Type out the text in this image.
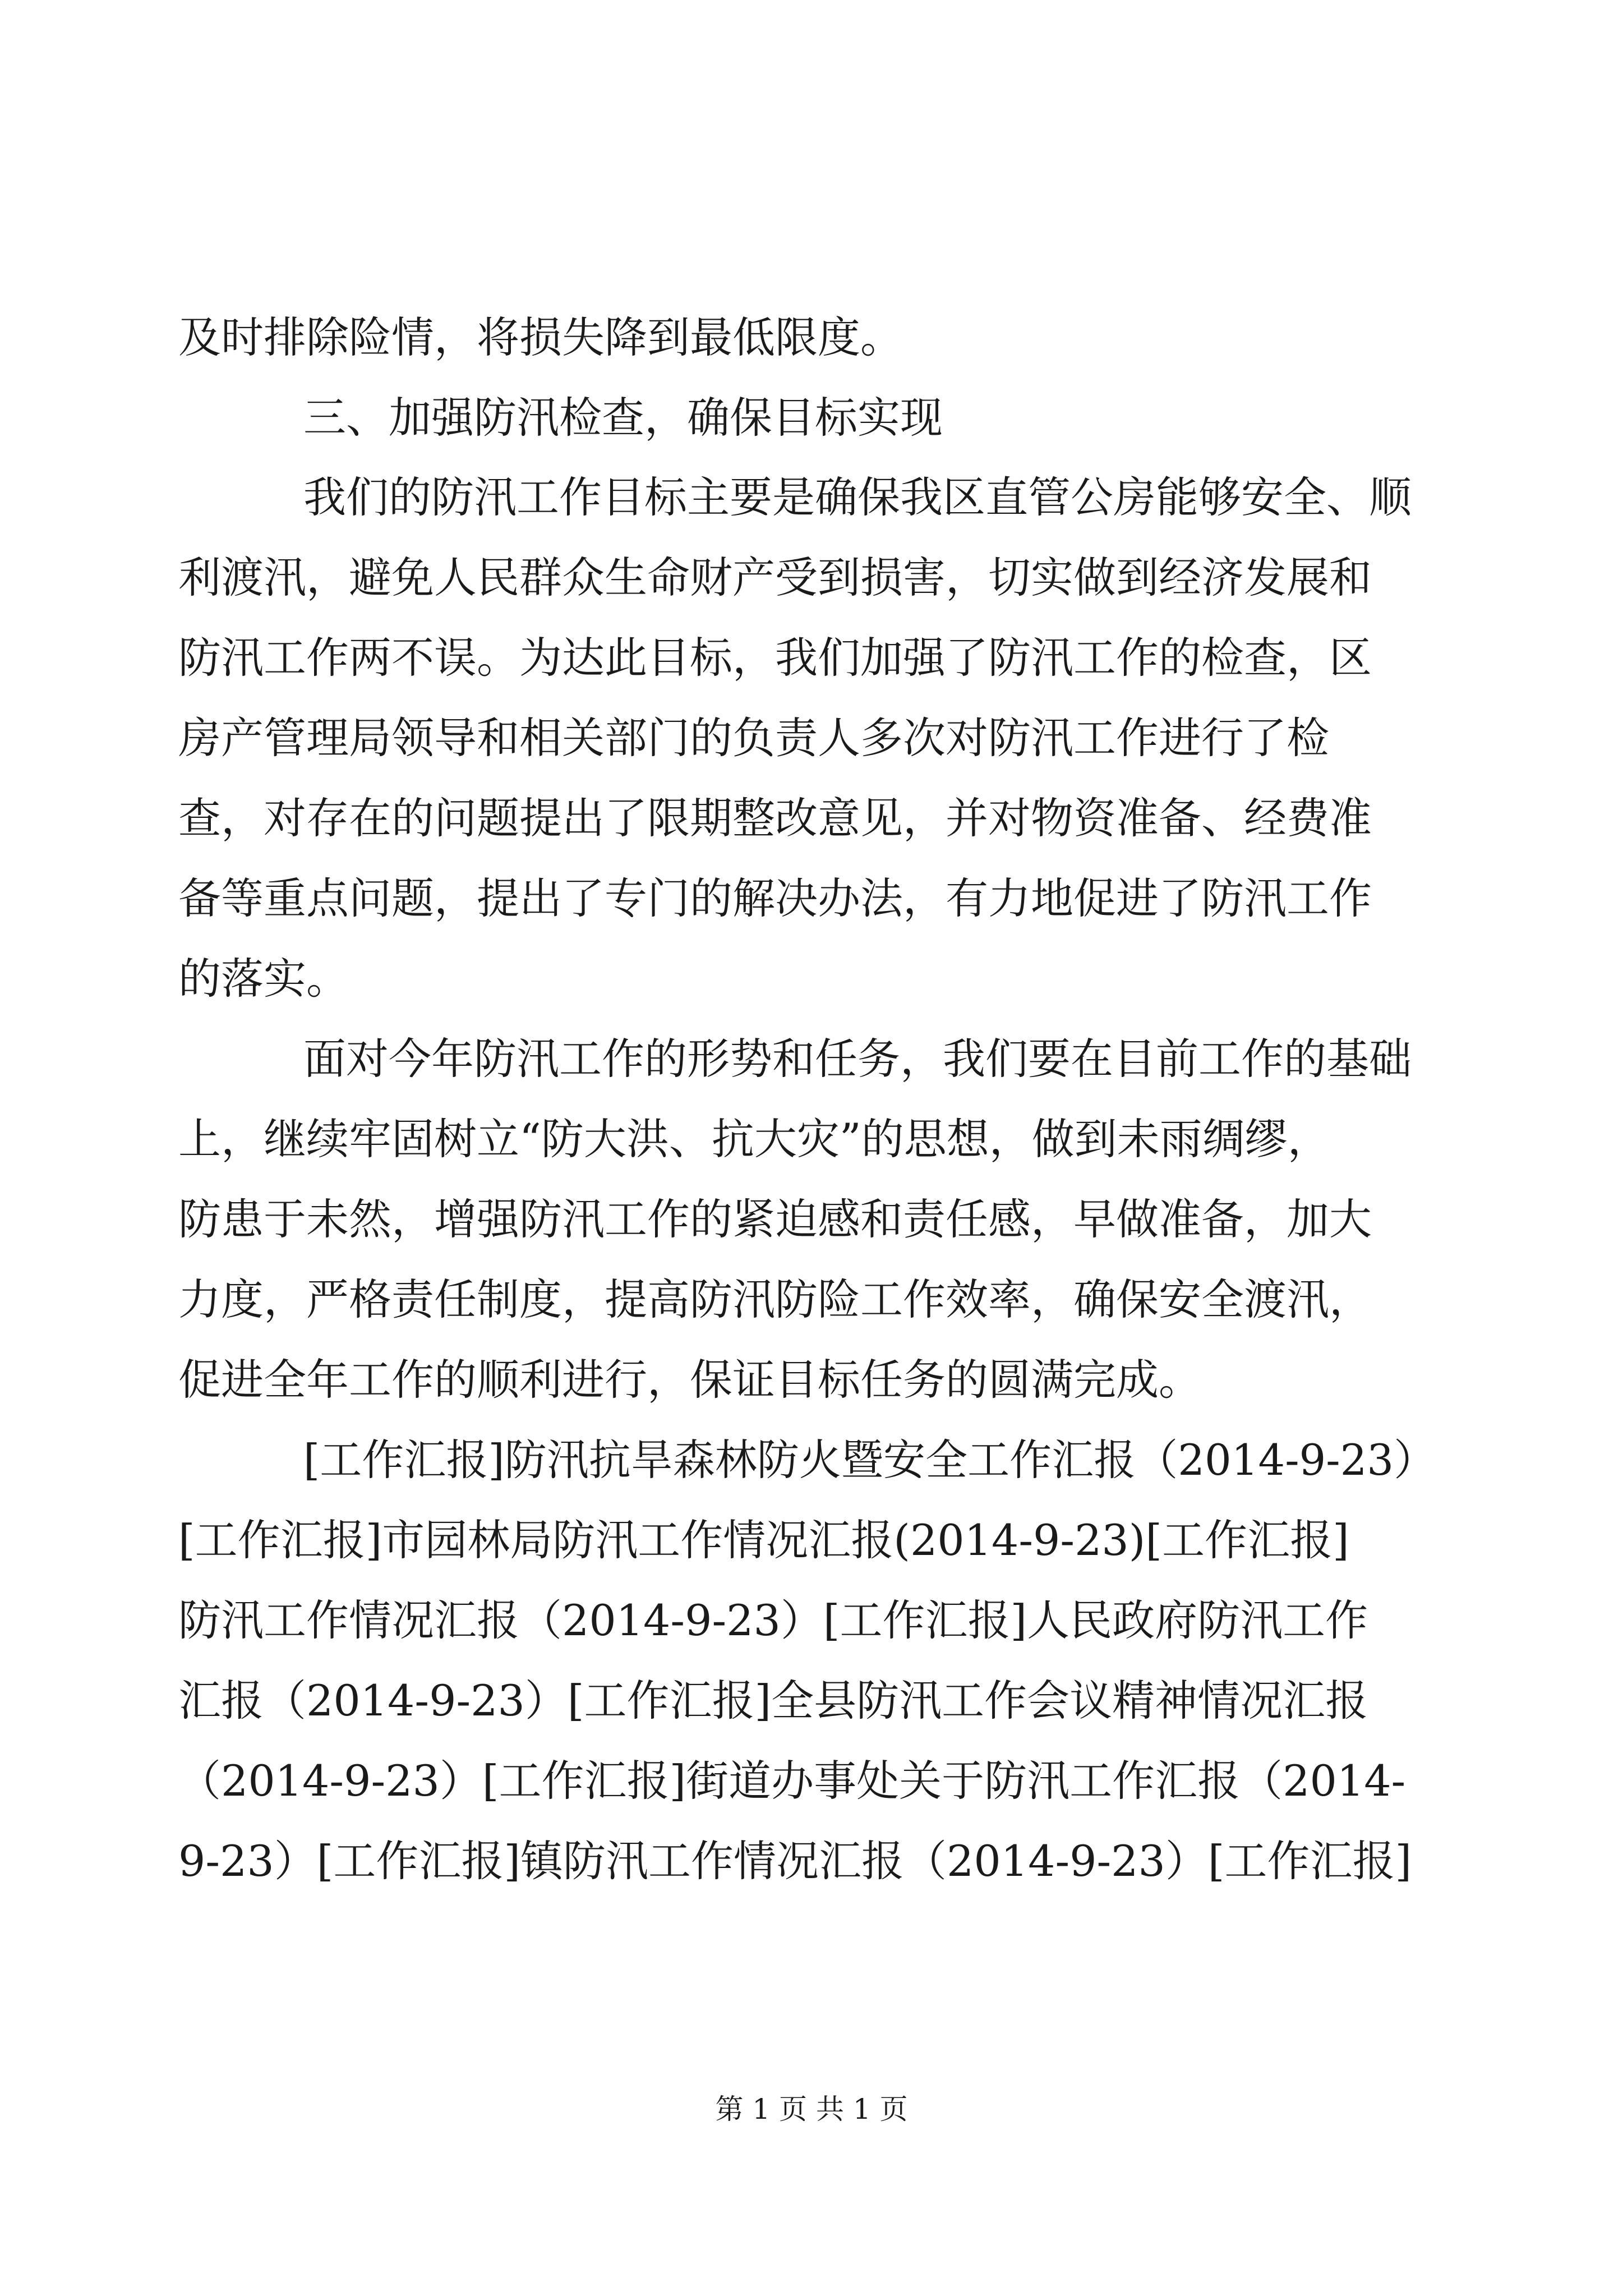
及时排除险情，将损失降到最低限度。

三、加强防汛检查，确保目标实现

我们的防汛工作目标主要是确保我区直管公房能够安全、顺

利渡汛，避免人民群众生命财产受到损害，切实做到经济发展和

防汛工作两不误。为达此目标，我们加强了防汛工作的检查，区

房产管理局领导和相关部门的负责人多次对防汛工作进行了检

查，对存在的问题提出了限期整改意见，并对物资准备、经费准

备等重点问题，提出了专门的解决办法，有力地促进了防汛工作

的落实。

面对今年防汛工作的形势和任务，我们要在目前工作的基础

上，继续牢固树立“防大洪、抗大灾”的思想，做到未雨绸缪，

防患于未然，增强防汛工作的紧迫感和责任感，早做准备，加大

力度，严格责任制度，提高防汛防险工作效率，确保安全渡汛，

促进全年工作的顺利进行，保证目标任务的圆满完成。

[工作汇报]防汛抗旱森林防火暨安全工作汇报（2014-9-23）

[工作汇报]市园林局防汛工作情况汇报(2014-9-23)[工作汇报]

防汛工作情况汇报（2014-9-23）[工作汇报]人民政府防汛工作

汇报（2014-9-23）[工作汇报]全县防汛工作会议精神情况汇报

（2014-9-23）[工作汇报]街道办事处关于防汛工作汇报（2014-

9-23）[工作汇报]镇防汛工作情况汇报（2014-9-23）[工作汇报]

第 1 页 共 1 页
